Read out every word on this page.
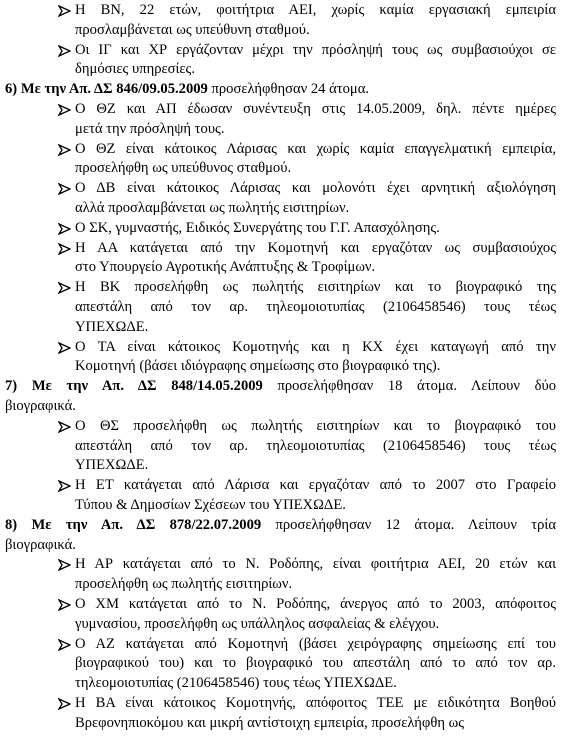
Η ΒΝ, 22 ετών, φοιτήτρια ΑΕΙ, χωρίς καμία εργασιακή εμπειρία
προσλαμβάνεται ως υπεύθυνη σταθμού.
Οι ΙΓ και ΧΡ εργάζονταν μέχρι την πρόσληψή τους ως συμβασιούχοι σε
δημόσιες υπηρεσίες.
6) Με την Απ. ΔΣ 846/09.05.2009 προσελήφθησαν 24 άτομα.
Ο ΘΖ και ΑΠ έδωσαν συνέντευξη στις 14.05.2009, δηλ. πέντε ημέρες
μετά την πρόσληψή τους.
Ο ΘΖ είναι κάτοικος Λάρισας και χωρίς καμία επαγγελματική εμπειρία,
προσελήφθη ως υπεύθυνος σταθμού.
Ο ΔΒ είναι κάτοικος Λάρισας και μολονότι έχει αρνητική αξιολόγηση
αλλά προσλαμβάνεται ως πωλητής εισιτηρίων.
Ο ΣΚ, γυμναστής, Ειδικός Συνεργάτης του Γ.Γ. Απασχόλησης.
Η ΑΑ κατάγεται από την Κομοτηνή και εργαζόταν ως συμβασιούχος
στο Υπουργείο Αγροτικής Ανάπτυξης & Τροφίμων.
Η ΒΚ προσελήφθη ως πωλητής εισιτηρίων και το βιογραφικό της
απεστάλη από τον αρ. τηλεομοιοτυπίας (2106458546) τους τέως
ΥΠΕΧΩΔΕ.
Ο ΤΑ είναι κάτοικος Κομοτηνής και η ΚΧ έχει καταγωγή από την
Κομοτηνή (βάσει ιδιόγραφης σημείωσης στο βιογραφικό της).
7) Με την Απ. ΔΣ 848/14.05.2009 προσελήφθησαν 18 άτομα. Λείπουν δύο
βιογραφικά.
Ο ΘΣ προσελήφθη ως πωλητής εισιτηρίων και το βιογραφικό του
απεστάλη από τον αρ. τηλεομοιοτυπίας (2106458546) τους τέως
ΥΠΕΧΩΔΕ.
Η ΕΤ κατάγεται από Λάρισα και εργαζόταν από το 2007 στο Γραφείο
Τύπου & Δημοσίων Σχέσεων του ΥΠΕΧΩΔΕ.
8) Με την Απ. ΔΣ 878/22.07.2009 προσελήφθησαν 12 άτομα. Λείπουν τρία
βιογραφικά.
Η ΑΡ κατάγεται από το Ν. Ροδόπης, είναι φοιτήτρια ΑΕΙ, 20 ετών και
προσελήφθη ως πωλητής εισιτηρίων.
Ο ΧΜ κατάγεται από το Ν. Ροδόπης, άνεργος από το 2003, απόφοιτος
γυμνασίου, προσελήφθη ως υπάλληλος ασφαλείας & ελέγχου.
Ο ΑΖ κατάγεται από Κομοτηνή (βάσει χειρόγραφης σημείωσης επί του
βιογραφικού του) και το βιογραφικό του απεστάλη από το από τον αρ.
τηλεομοιοτυπίας (2106458546) τους τέως ΥΠΕΧΩΔΕ.
Η ΒΑ είναι κάτοικος Κομοτηνής, απόφοιτος ΤΕΕ με ειδικότητα Βοηθού
Βρεφονηπιοκόμου και μικρή αντίστοιχη εμπειρία, προσελήφθη ως
